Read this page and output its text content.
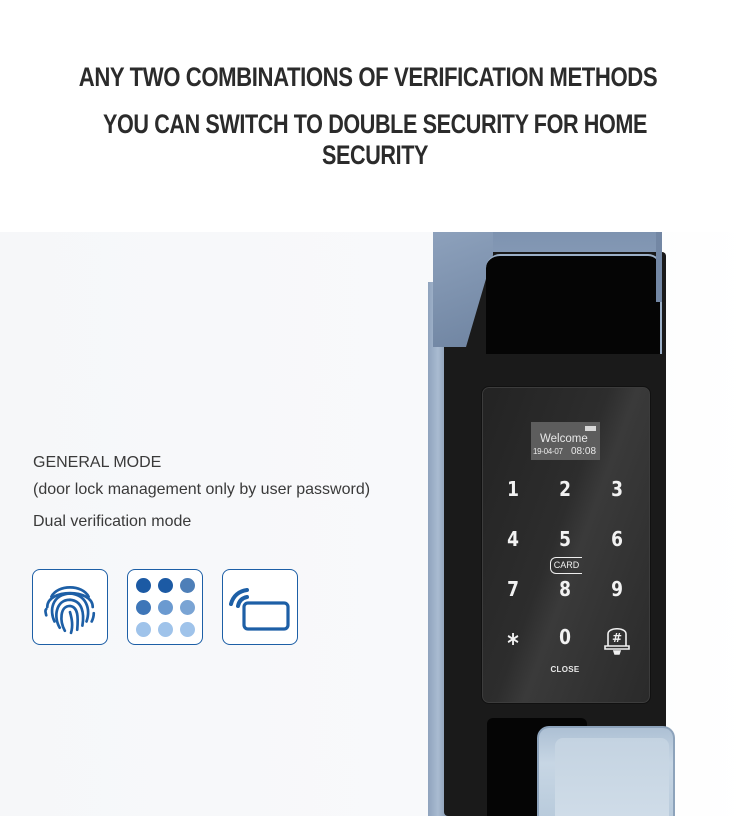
ANY TWO COMBINATIONS OF VERIFICATION METHODS
YOU CAN SWITCH TO DOUBLE SECURITY FOR HOME SECURITY
GENERAL MODE
(door lock management only by user password)
Dual verification mode
Welcome
19-04-07 08:08
1	2	3
4	5	6
CARD
7	8	9
*	0	#
CLOSE
